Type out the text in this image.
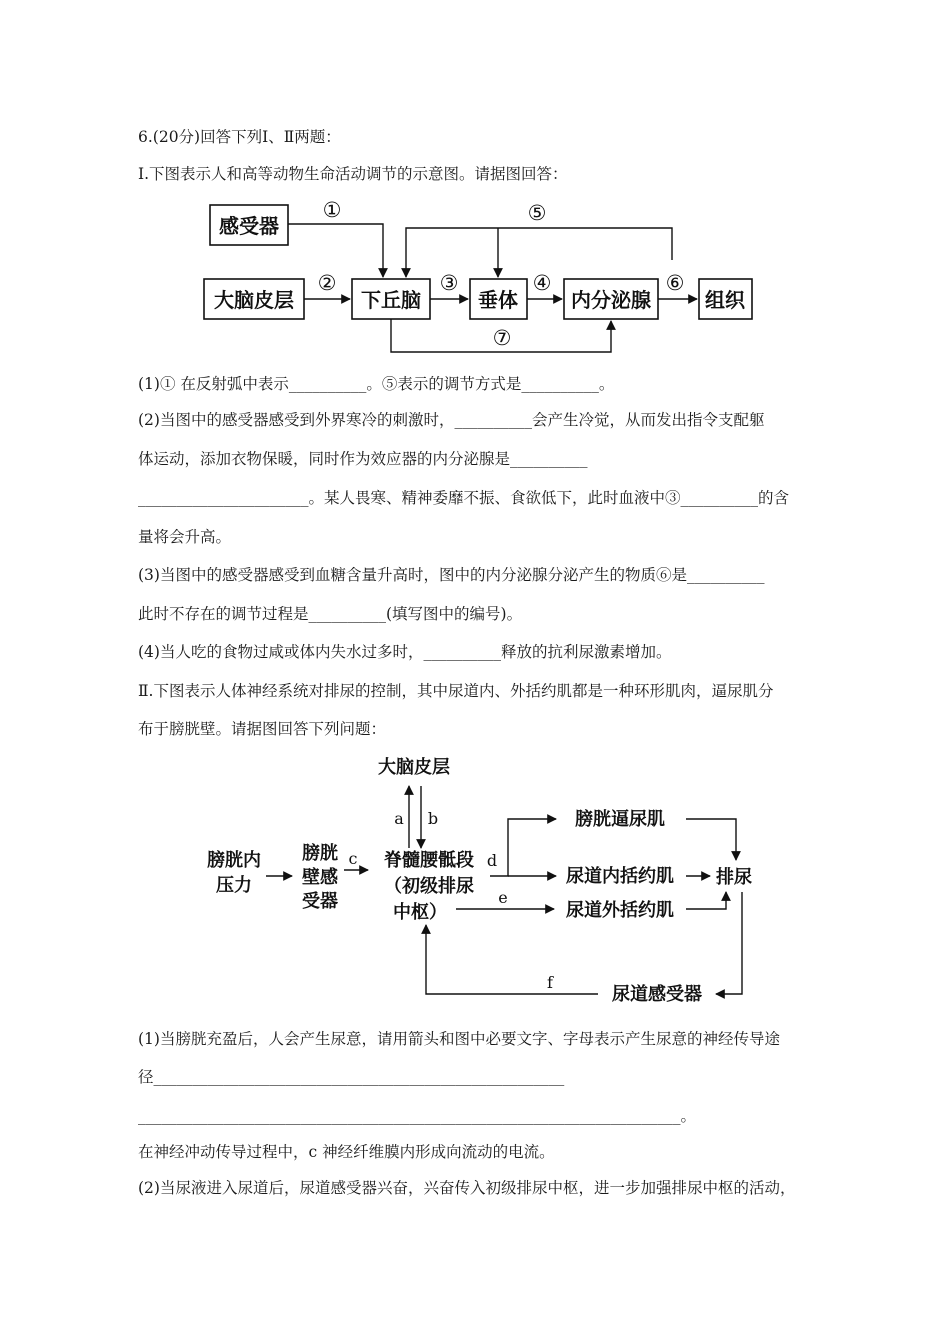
6.(20分)回答下列Ⅰ、Ⅱ两题：
Ⅰ.下图表示人和高等动物生命活动调节的示意图。请据图回答：
感受器
大脑皮层	下丘脑	垂体	内分泌腺	组织
①
②	③	④	⑥
⑤
⑦
大脑皮层
a b
膀胱内
压力
膀胱
壁感
受器
c 脊髓腰骶段
（初级排尿
中枢）
d
e
膀胱逼尿肌
尿道内括约肌
尿道外括约肌
排尿
尿道感受器
f
(1)① 在反射弧中表示__________。⑤表示的调节方式是__________。
(2)当图中的感受器感受到外界寒冷的刺激时，__________会产生冷觉，从而发出指令支配躯
体运动，添加衣物保暖，同时作为效应器的内分泌腺是__________
______________________。某人畏寒、精神委靡不振、食欲低下，此时血液中③__________的含
量将会升高。
(3)当图中的感受器感受到血糖含量升高时，图中的内分泌腺分泌产生的物质⑥是__________
此时不存在的调节过程是__________(填写图中的编号)。
(4)当人吃的食物过咸或体内失水过多时，__________释放的抗利尿激素增加。
Ⅱ.下图表示人体神经系统对排尿的控制，其中尿道内、外括约肌都是一种环形肌肉，逼尿肌分
布于膀胱壁。请据图回答下列问题：
(1)当膀胱充盈后，人会产生尿意，请用箭头和图中必要文字、字母表示产生尿意的神经传导途
径_____________________________________________________
______________________________________________________________________。
在神经冲动传导过程中，c 神经纤维膜内形成向流动的电流。
(2)当尿液进入尿道后，尿道感受器兴奋，兴奋传入初级排尿中枢，进一步加强排尿中枢的活动，
